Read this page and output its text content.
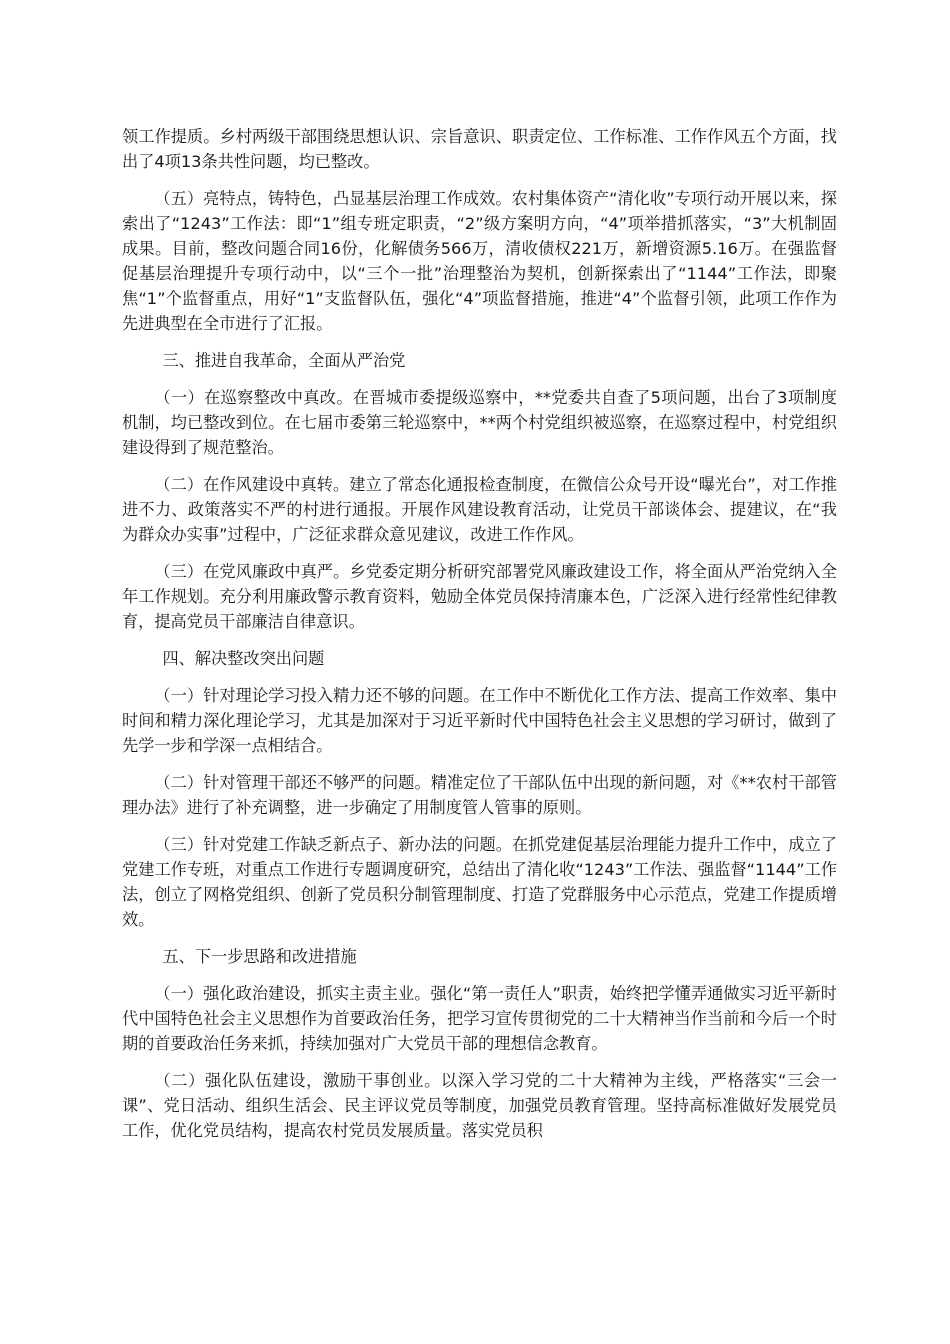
领工作提质。乡村两级干部围绕思想认识、宗旨意识、职责定位、工作标准、工作作风五个方面，找出了4项13条共性问题，均已整改。

（五）亮特点，铸特色，凸显基层治理工作成效。农村集体资产“清化收”专项行动开展以来，探索出了“1243”工作法：即“1”组专班定职责，“2”级方案明方向，“4”项举措抓落实，“3”大机制固成果。目前，整改问题合同16份，化解债务566万，清收债权221万，新增资源5.16万。在强监督促基层治理提升专项行动中，以“三个一批”治理整治为契机，创新探索出了“1144”工作法，即聚焦“1”个监督重点，用好“1”支监督队伍，强化“4”项监督措施，推进“4”个监督引领，此项工作作为先进典型在全市进行了汇报。

三、推进自我革命，全面从严治党

（一）在巡察整改中真改。在晋城市委提级巡察中，**党委共自查了5项问题，出台了3项制度机制，均已整改到位。在七届市委第三轮巡察中，**两个村党组织被巡察，在巡察过程中，村党组织建设得到了规范整治。

（二）在作风建设中真转。建立了常态化通报检查制度，在微信公众号开设“曝光台”，对工作推进不力、政策落实不严的村进行通报。开展作风建设教育活动，让党员干部谈体会、提建议，在“我为群众办实事”过程中，广泛征求群众意见建议，改进工作作风。

（三）在党风廉政中真严。乡党委定期分析研究部署党风廉政建设工作，将全面从严治党纳入全年工作规划。充分利用廉政警示教育资料，勉励全体党员保持清廉本色，广泛深入进行经常性纪律教育，提高党员干部廉洁自律意识。

四、解决整改突出问题

（一）针对理论学习投入精力还不够的问题。在工作中不断优化工作方法、提高工作效率、集中时间和精力深化理论学习，尤其是加深对于习近平新时代中国特色社会主义思想的学习研讨，做到了先学一步和学深一点相结合。

（二）针对管理干部还不够严的问题。精准定位了干部队伍中出现的新问题，对《**农村干部管理办法》进行了补充调整，进一步确定了用制度管人管事的原则。

（三）针对党建工作缺乏新点子、新办法的问题。在抓党建促基层治理能力提升工作中，成立了党建工作专班，对重点工作进行专题调度研究，总结出了清化收“1243”工作法、强监督“1144”工作法，创立了网格党组织、创新了党员积分制管理制度、打造了党群服务中心示范点，党建工作提质增效。

五、下一步思路和改进措施

（一）强化政治建设，抓实主责主业。强化“第一责任人”职责，始终把学懂弄通做实习近平新时代中国特色社会主义思想作为首要政治任务，把学习宣传贯彻党的二十大精神当作当前和今后一个时期的首要政治任务来抓，持续加强对广大党员干部的理想信念教育。

（二）强化队伍建设，激励干事创业。以深入学习党的二十大精神为主线，严格落实“三会一课”、党日活动、组织生活会、民主评议党员等制度，加强党员教育管理。坚持高标准做好发展党员工作，优化党员结构，提高农村党员发展质量。落实党员积
